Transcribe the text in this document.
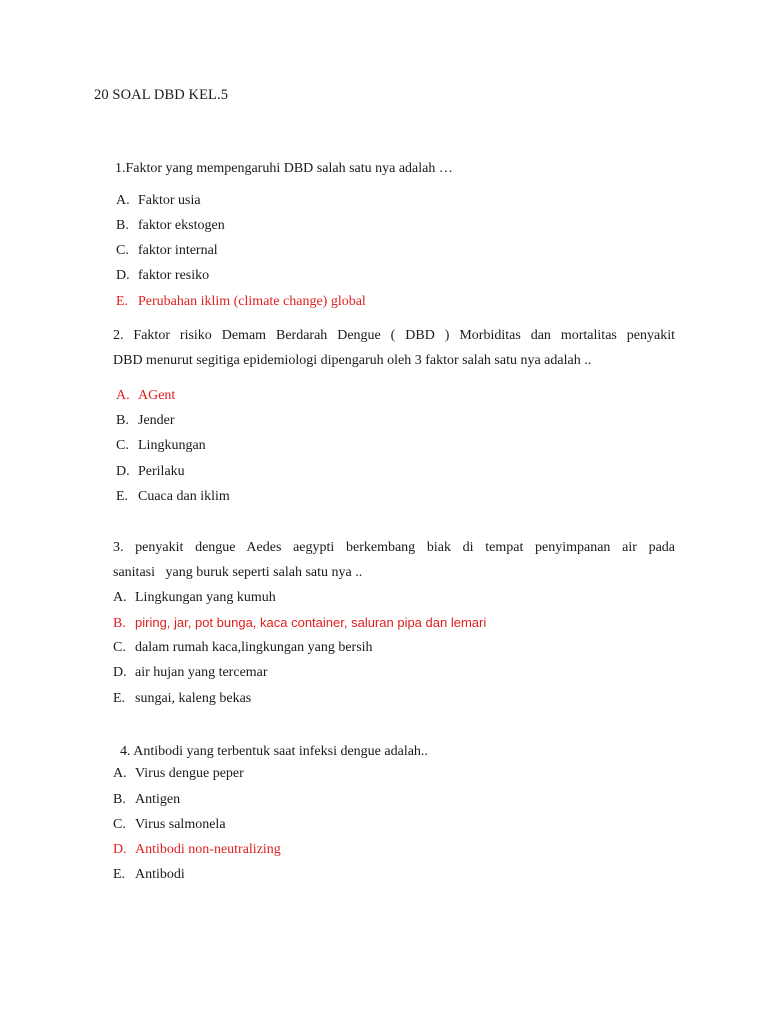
20 SOAL DBD KEL.5
1.Faktor yang mempengaruhi DBD salah satu nya adalah …
A. Faktor usia
B. faktor ekstogen
C. faktor internal
D. faktor resiko
E. Perubahan iklim (climate change) global
2. Faktor risiko Demam Berdarah Dengue ( DBD ) Morbiditas dan mortalitas penyakit
DBD menurut segitiga epidemiologi dipengaruh oleh 3 faktor salah satu nya adalah ..
A. AGent
B. Jender
C. Lingkungan
D. Perilaku
E. Cuaca dan iklim
3. penyakit dengue Aedes aegypti berkembang biak di tempat penyimpanan air pada
sanitasi   yang buruk seperti salah satu nya ..
A. Lingkungan yang kumuh
B. piring, jar, pot bunga, kaca container, saluran pipa dan lemari
C. dalam rumah kaca,lingkungan yang bersih
D. air hujan yang tercemar
E. sungai, kaleng bekas
4. Antibodi yang terbentuk saat infeksi dengue adalah..
A. Virus dengue peper
B. Antigen
C. Virus salmonela
D. Antibodi non-neutralizing
E. Antibodi
